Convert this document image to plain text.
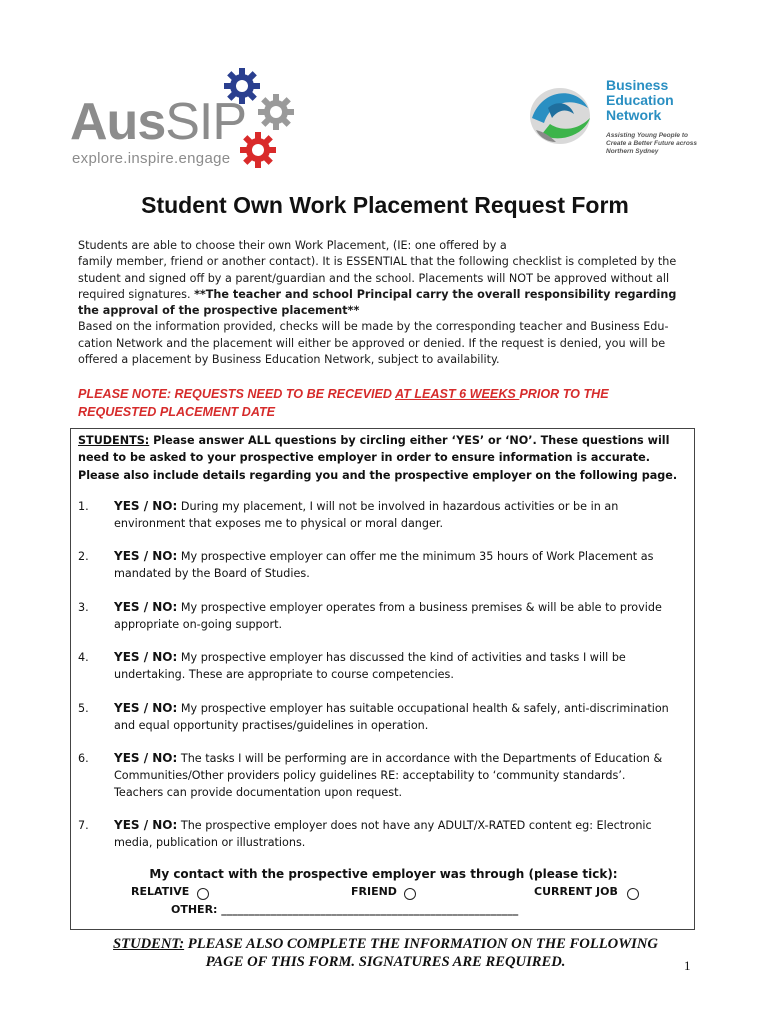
AusSIP
explore.inspire.engage
Business
Education
Network
Assisting Young People to
Create a Better Future across
Northern Sydney
Student Own Work Placement Request Form
Students are able to choose their own Work Placement, (IE: one offered by a
family member, friend or another contact). It is ESSENTIAL that the following checklist is completed by the student and signed off by a parent/guardian and the school. Placements will NOT be approved without all required signatures. **The teacher and school Principal carry the overall responsibility regarding the approval of the prospective placement**
Based on the information provided, checks will be made by the corresponding teacher and Business Edu-cation Network and the placement will either be approved or denied. If the request is denied, you will be offered a placement by Business Education Network, subject to availability.
PLEASE NOTE: REQUESTS NEED TO BE RECEVIED AT LEAST 6 WEEKS PRIOR TO THE REQUESTED PLACEMENT DATE
STUDENTS: Please answer ALL questions by circling either ‘YES’ or ‘NO’. These questions will need to be asked to your prospective employer in order to ensure information is accurate. Please also include details regarding you and the prospective employer on the following page.
1. YES / NO: During my placement, I will not be involved in hazardous activities or be in an environment that exposes me to physical or moral danger.
2. YES / NO: My prospective employer can offer me the minimum 35 hours of Work Placement as mandated by the Board of Studies.
3. YES / NO: My prospective employer operates from a business premises & will be able to provide appropriate on-going support.
4. YES / NO: My prospective employer has discussed the kind of activities and tasks I will be undertaking. These are appropriate to course competencies.
5. YES / NO: My prospective employer has suitable occupational health & safely, anti-discrimination and equal opportunity practises/guidelines in operation.
6. YES / NO: The tasks I will be performing are in accordance with the Departments of Education & Communities/Other providers policy guidelines RE: acceptability to ‘community standards’. Teachers can provide documentation upon request.
7. YES / NO: The prospective employer does not have any ADULT/X-RATED content eg: Electronic media, publication or illustrations.
My contact with the prospective employer was through (please tick):
RELATIVE	FRIEND	CURRENT JOB
OTHER: ______________________________________________________
STUDENT: PLEASE ALSO COMPLETE THE INFORMATION ON THE FOLLOWING
PAGE OF THIS FORM. SIGNATURES ARE REQUIRED.	1
